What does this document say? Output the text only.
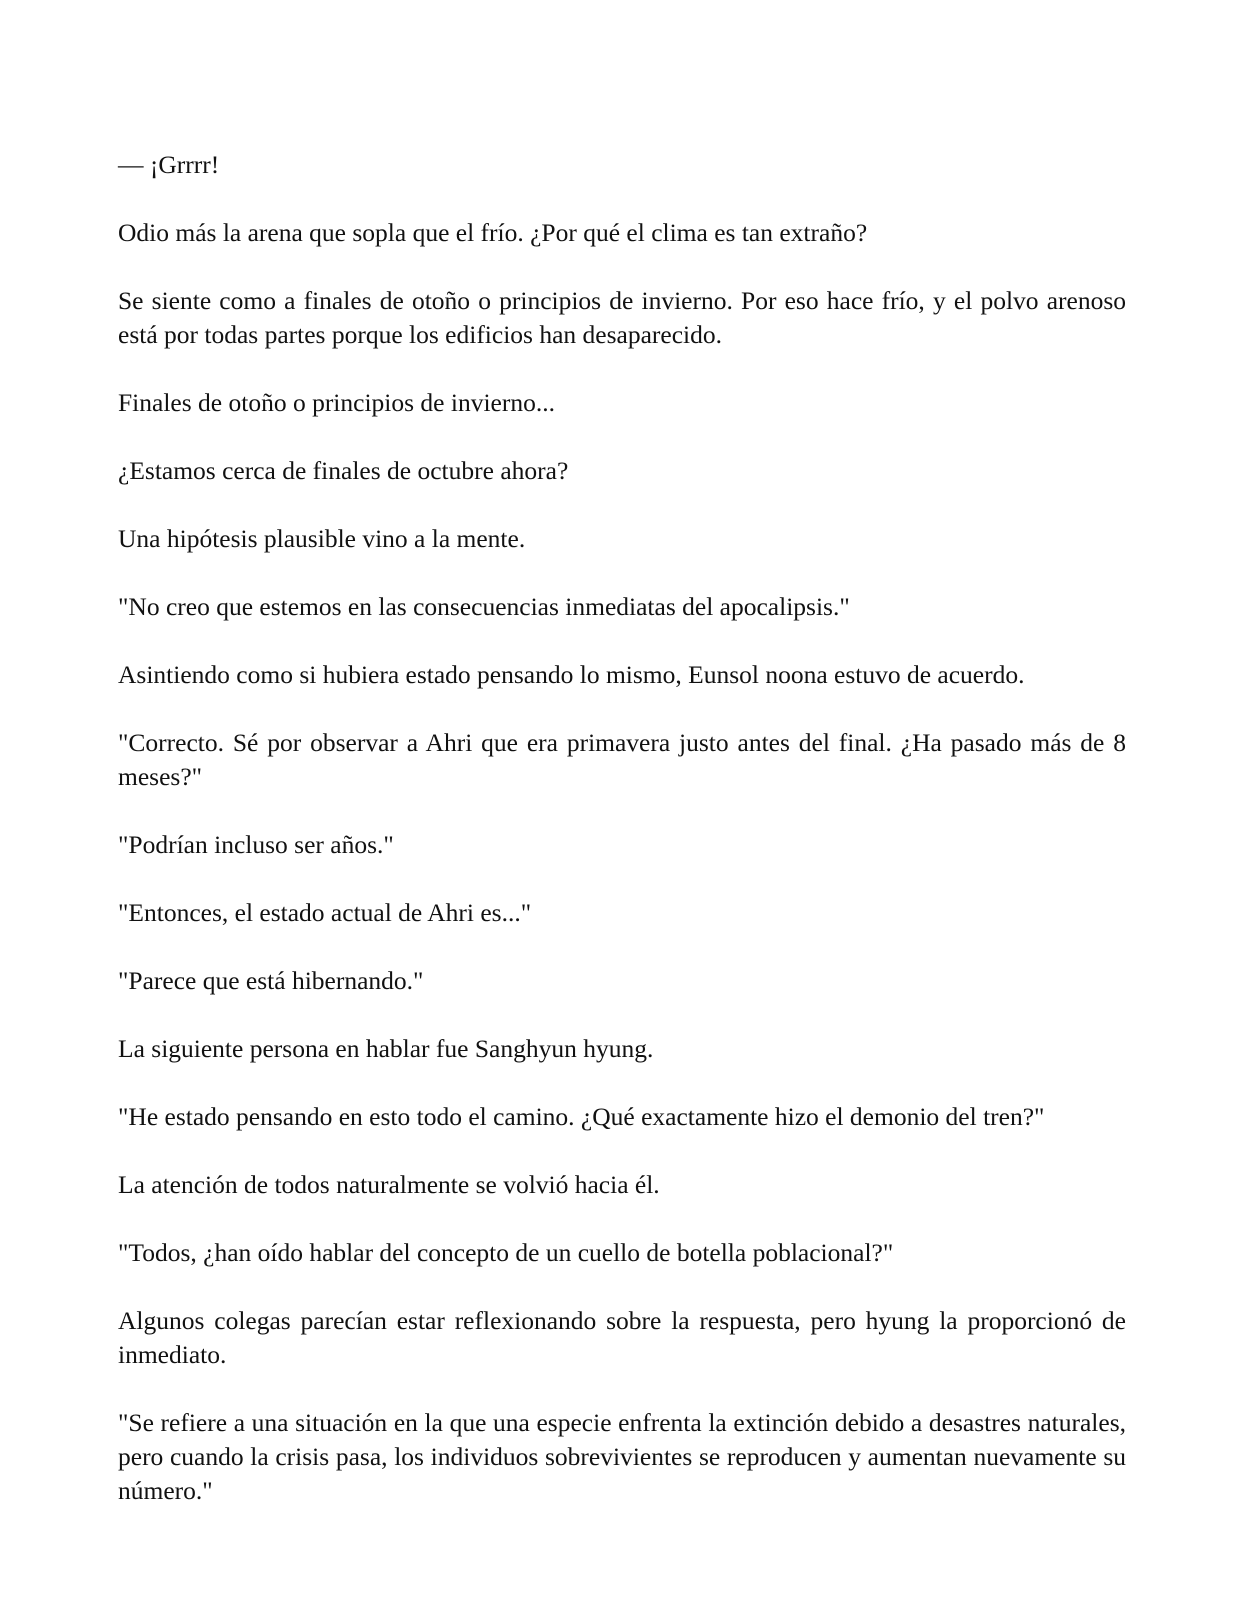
— ¡Grrrr!

Odio más la arena que sopla que el frío. ¿Por qué el clima es tan extraño?

Se siente como a finales de otoño o principios de invierno. Por eso hace frío, y el polvo arenoso está por todas partes porque los edificios han desaparecido.

Finales de otoño o principios de invierno...

¿Estamos cerca de finales de octubre ahora?

Una hipótesis plausible vino a la mente.

"No creo que estemos en las consecuencias inmediatas del apocalipsis."

Asintiendo como si hubiera estado pensando lo mismo, Eunsol noona estuvo de acuerdo.

"Correcto. Sé por observar a Ahri que era primavera justo antes del final. ¿Ha pasado más de 8 meses?"

"Podrían incluso ser años."

"Entonces, el estado actual de Ahri es..."

"Parece que está hibernando."

La siguiente persona en hablar fue Sanghyun hyung.

"He estado pensando en esto todo el camino. ¿Qué exactamente hizo el demonio del tren?"

La atención de todos naturalmente se volvió hacia él.

"Todos, ¿han oído hablar del concepto de un cuello de botella poblacional?"

Algunos colegas parecían estar reflexionando sobre la respuesta, pero hyung la proporcionó de inmediato.

"Se refiere a una situación en la que una especie enfrenta la extinción debido a desastres naturales, pero cuando la crisis pasa, los individuos sobrevivientes se reproducen y aumentan nuevamente su número."
